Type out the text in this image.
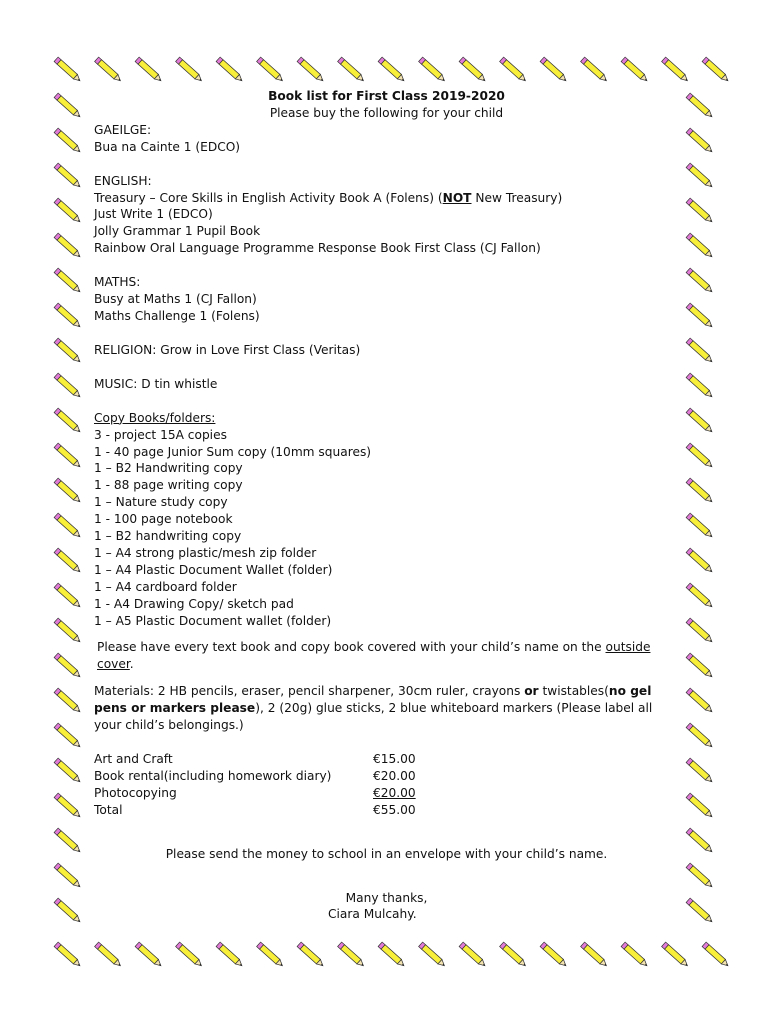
Book list for First Class 2019-2020
Please buy the following for your child
GAEILGE:
Bua na Cainte 1 (EDCO)
ENGLISH:
Treasury – Core Skills in English Activity Book A (Folens) (NOT New Treasury)
Just Write 1 (EDCO)
Jolly Grammar 1 Pupil Book
Rainbow Oral Language Programme Response Book First Class (CJ Fallon)
MATHS:
Busy at Maths 1 (CJ Fallon)
Maths Challenge 1 (Folens)
RELIGION: Grow in Love First Class (Veritas)
MUSIC: D tin whistle
Copy Books/folders:
3 - project 15A copies
1 - 40 page Junior Sum copy (10mm squares)
1 – B2 Handwriting copy
1 - 88 page writing copy
1 – Nature study copy
1 - 100 page notebook
1 – B2 handwriting copy
1 – A4 strong plastic/mesh zip folder
1 – A4 Plastic Document Wallet (folder)
1 – A4 cardboard folder
1 - A4 Drawing Copy/ sketch pad
1 – A5 Plastic Document wallet (folder)
Please have every text book and copy book covered with your child’s name on the outside cover.
Materials: 2 HB pencils, eraser, pencil sharpener, 30cm ruler, crayons or twistables(no gel pens or markers please), 2 (20g) glue sticks, 2 blue whiteboard markers (Please label all your child’s belongings.)
Art and Craft	€15.00
Book rental(including homework diary)	€20.00
Photocopying	€20.00
Total	€55.00
Please send the money to school in an envelope with your child’s name.
Many thanks,
Ciara Mulcahy.
